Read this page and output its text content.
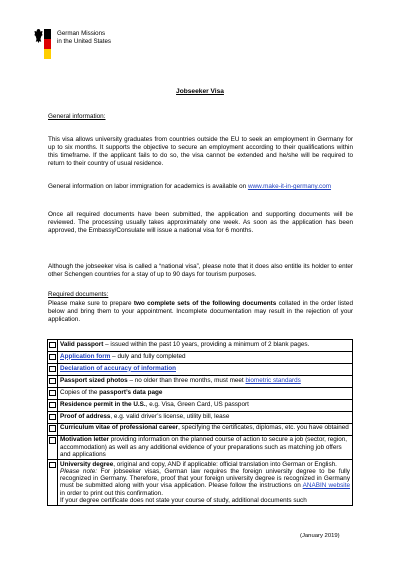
German Missions
in the United States
Jobseeker Visa

General information:

This visa allows university graduates from countries outside the EU to seek an employment in Germany for up to six months. It supports the objective to secure an employment according to their qualifications within this timeframe. If the applicant fails to do so, the visa cannot be extended and he/she will be required to return to their country of usual residence.

General information on labor immigration for academics is available on www.make-it-in-germany.com

Once all required documents have been submitted, the application and supporting documents will be reviewed. The processing usually takes approximately one week. As soon as the application has been approved, the Embassy/Consulate will issue a national visa for 6 months.

Although the jobseeker visa is called a “national visa”, please note that it does also entitle its holder to enter other Schengen countries for a stay of up to 90 days for tourism purposes.

Required documents:

Please make sure to prepare two complete sets of the following documents collated in the order listed below and bring them to your appointment. Incomplete documentation may result in the rejection of your application.

	Valid passport – issued within the past 10 years, providing a minimum of 2 blank pages.
	Application form – duly and fully completed
	Declaration of accuracy of information
	Passport sized photos – no older than three months, must meet biometric standards
	Copies of the passport’s data page
	Residence permit in the U.S., e.g. Visa, Green Card, US passport
	Proof of address, e.g. valid driver’s license, utility bill, lease
	Curriculum vitae of professional career, specifying the certificates, diplomas, etc. you have obtained
	Motivation letter providing information on the planned course of action to secure a job (sector, region, accommodation) as well as any additional evidence of your preparations such as matching job offers and applications

	University degree, original and copy, AND if applicable: official translation into German or English.
Please note: For jobseeker visas, German law requires the foreign university degree to be fully recognized in Germany. Therefore, proof that your foreign university degree is recognized in Germany must be submitted along with your visa application. Please follow the instructions on ANABIN website in order to print out this confirmation.
If your degree certificate does not state your course of study, additional documents such
(January 2019)
